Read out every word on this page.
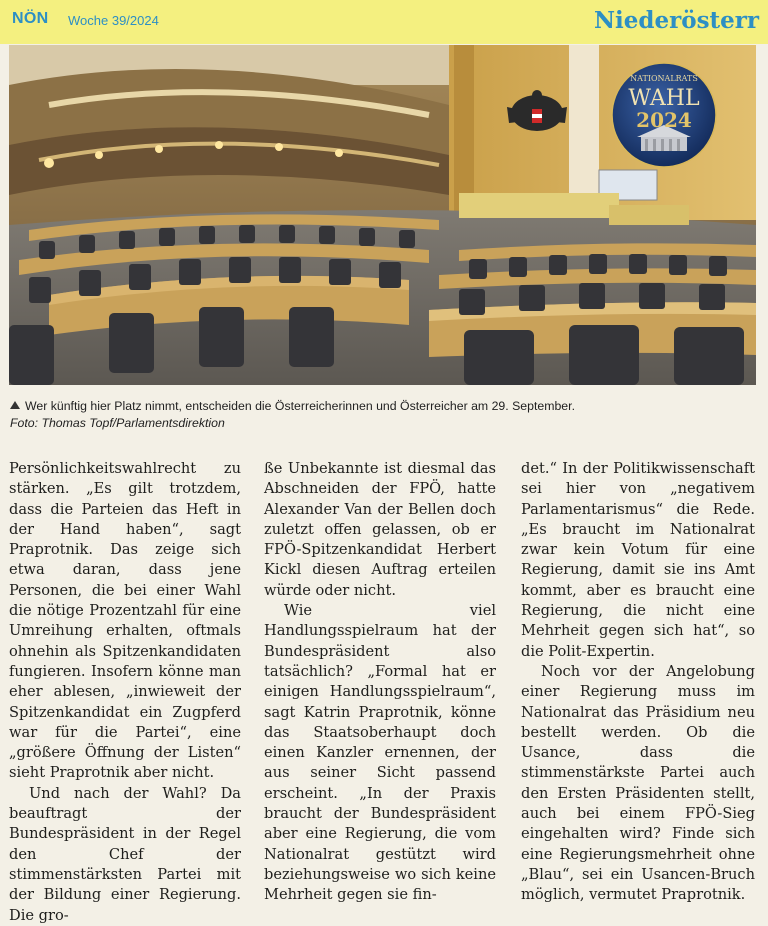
NÖN Woche 39/2024	Niederösterr
NATIONALRATS
WAHL
2024
Wer künftig hier Platz nimmt, entscheiden die Österreicherinnen und Österreicher am 29. September.
Foto: Thomas Topf/Parlamentsdirektion

Persönlichkeitswahlrecht zu stärken. „Es gilt trotzdem, dass die Parteien das Heft in der Hand haben“, sagt Praprotnik. Das zeige sich etwa daran, dass jene Personen, die bei einer Wahl die nötige Prozentzahl für eine Umreihung erhalten, oftmals ohnehin als Spitzenkandidaten fungieren. Insofern könne man eher ablesen, „inwieweit der Spitzenkandidat ein Zugpferd war für die Partei“, eine „größere Öffnung der Listen“ sieht Praprotnik aber nicht.

Und nach der Wahl? Da beauftragt der Bundespräsident in der Regel den Chef der stimmenstärksten Partei mit der Bildung einer Regierung. Die gro-

ße Unbekannte ist diesmal das Abschneiden der FPÖ, hatte Alexander Van der Bellen doch zuletzt offen gelassen, ob er FPÖ-Spitzenkandidat Herbert Kickl diesen Auftrag erteilen würde oder nicht.

Wie viel Handlungsspielraum hat der Bundespräsident also tatsächlich? „Formal hat er einigen Handlungsspielraum“, sagt Katrin Praprotnik, könne das Staatsoberhaupt doch einen Kanzler ernennen, der aus seiner Sicht passend erscheint. „In der Praxis braucht der Bundespräsident aber eine Regierung, die vom Nationalrat gestützt wird beziehungsweise wo sich keine Mehrheit gegen sie fin-

det.“ In der Politikwissenschaft sei hier von „negativem Parlamentarismus“ die Rede. „Es braucht im Nationalrat zwar kein Votum für eine Regierung, damit sie ins Amt kommt, aber es braucht eine Regierung, die nicht eine Mehrheit gegen sich hat“, so die Polit-Expertin.

Noch vor der Angelobung einer Regierung muss im Nationalrat das Präsidium neu bestellt werden. Ob die Usance, dass die stimmenstärkste Partei auch den Ersten Präsidenten stellt, auch bei einem FPÖ-Sieg eingehalten wird? Finde sich eine Regierungsmehrheit ohne „Blau“, sei ein Usancen-Bruch möglich, vermutet Praprotnik.
